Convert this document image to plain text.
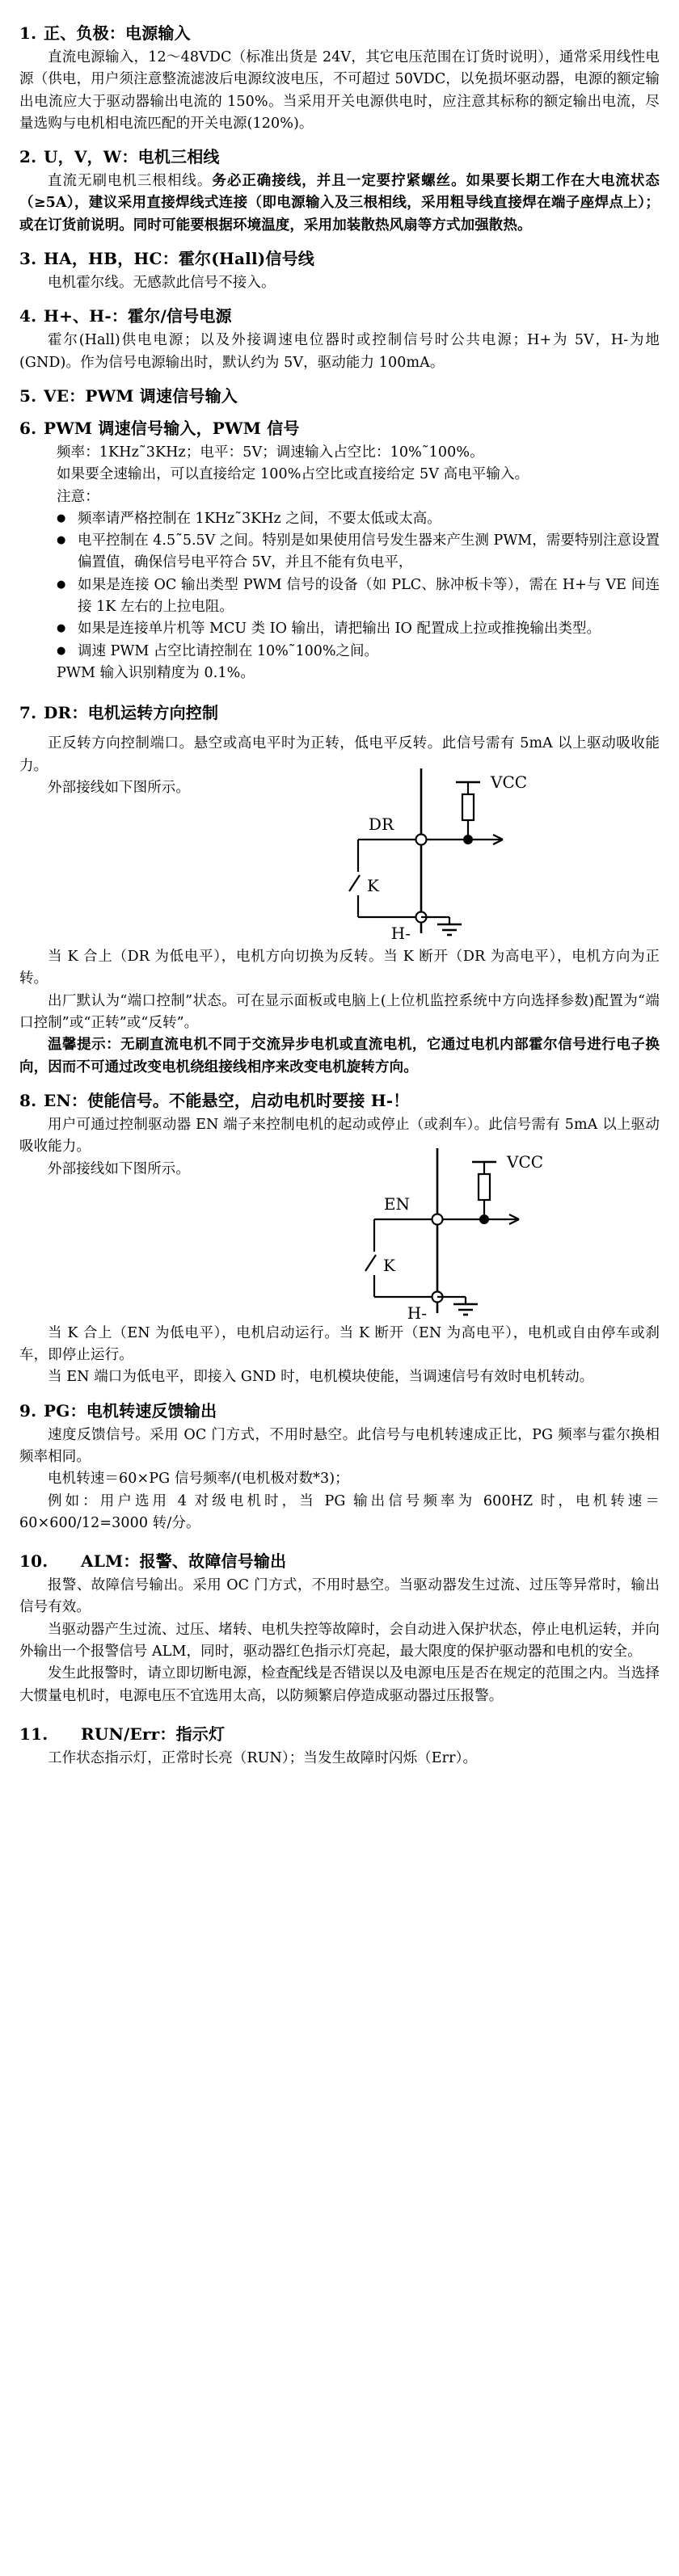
1. 正、负极：电源输入

直流电源输入，12～48VDC（标准出货是 24V，其它电压范围在订货时说明），通常采用线性电源（供电，用户须注意整流滤波后电源纹波电压，不可超过 50VDC，以免损坏驱动器，电源的额定输出电流应大于驱动器输出电流的 150%。当采用开关电源供电时，应注意其标称的额定输出电流，尽量选购与电机相电流匹配的开关电源(120%)。

2. U，V，W：电机三相线

直流无刷电机三根相线。务必正确接线，并且一定要拧紧螺丝。如果要长期工作在大电流状态（≥5A），建议采用直接焊线式连接（即电源输入及三根相线，采用粗导线直接焊在端子座焊点上）；或在订货前说明。同时可能要根据环境温度，采用加装散热风扇等方式加强散热。

3. HA，HB，HC：霍尔(Hall)信号线

电机霍尔线。无感款此信号不接入。

4. H+、H-：霍尔/信号电源

霍尔(Hall)供电电源；以及外接调速电位器时或控制信号时公共电源；H+为 5V，H-为地(GND)。作为信号电源输出时，默认约为 5V，驱动能力 100mA。

5. VE：PWM 调速信号输入
6. PWM 调速信号输入，PWM 信号

频率：1KHz˜3KHz；电平：5V；调速输入占空比：10%˜100%。

如果要全速输出，可以直接给定 100%占空比或直接给定 5V 高电平输入。

注意：

● 频率请严格控制在 1KHz˜3KHz 之间，不要太低或太高。
● 电平控制在 4.5˜5.5V 之间。特别是如果使用信号发生器来产生测 PWM，需要特别注意设置偏置值，确保信号电平符合 5V，并且不能有负电平，
● 如果是连接 OC 输出类型 PWM 信号的设备（如 PLC、脉冲板卡等），需在 H+与 VE 间连接 1K 左右的上拉电阻。
● 如果是连接单片机等 MCU 类 IO 输出，请把输出 IO 配置成上拉或推挽输出类型。
● 调速 PWM 占空比请控制在 10%˜100%之间。

PWM 输入识别精度为 0.1%。

7. DR：电机运转方向控制

正反转方向控制端口。悬空或高电平时为正转，低电平反转。此信号需有 5mA 以上驱动吸收能力。

外部接线如下图所示。

DR
K
H-
VCC

当 K 合上（DR 为低电平），电机方向切换为反转。当 K 断开（DR 为高电平），电机方向为正转。

出厂默认为“端口控制”状态。可在显示面板或电脑上(上位机监控系统中方向选择参数)配置为“端口控制”或“正转”或“反转”。

温馨提示：无刷直流电机不同于交流异步电机或直流电机，它通过电机内部霍尔信号进行电子换向，因而不可通过改变电机绕组接线相序来改变电机旋转方向。

8. EN：使能信号。不能悬空，启动电机时要接 H-！

用户可通过控制驱动器 EN 端子来控制电机的起动或停止（或刹车）。此信号需有 5mA 以上驱动吸收能力。

外部接线如下图所示。

EN
K
H-
VCC

当 K 合上（EN 为低电平），电机启动运行。当 K 断开（EN 为高电平），电机或自由停车或刹车，即停止运行。

当 EN 端口为低电平，即接入 GND 时，电机模块使能，当调速信号有效时电机转动。

9. PG：电机转速反馈输出

速度反馈信号。采用 OC 门方式，不用时悬空。此信号与电机转速成正比，PG 频率与霍尔换相频率相同。

电机转速＝60×PG 信号频率/(电机极对数*3)；

例如：用户选用 4 对级电机时，当 PG 输出信号频率为 600HZ 时，电机转速＝60×600/12=3000 转/分。

10.	ALM：报警、故障信号输出

报警、故障信号输出。采用 OC 门方式，不用时悬空。当驱动器发生过流、过压等异常时，输出信号有效。

当驱动器产生过流、过压、堵转、电机失控等故障时，会自动进入保护状态，停止电机运转，并向外输出一个报警信号 ALM，同时，驱动器红色指示灯亮起，最大限度的保护驱动器和电机的安全。

发生此报警时，请立即切断电源，检查配线是否错误以及电源电压是否在规定的范围之内。当选择大惯量电机时，电源电压不宜选用太高，以防频繁启停造成驱动器过压报警。

11.	RUN/Err：指示灯

工作状态指示灯，正常时长亮（RUN）；当发生故障时闪烁（Err）。
